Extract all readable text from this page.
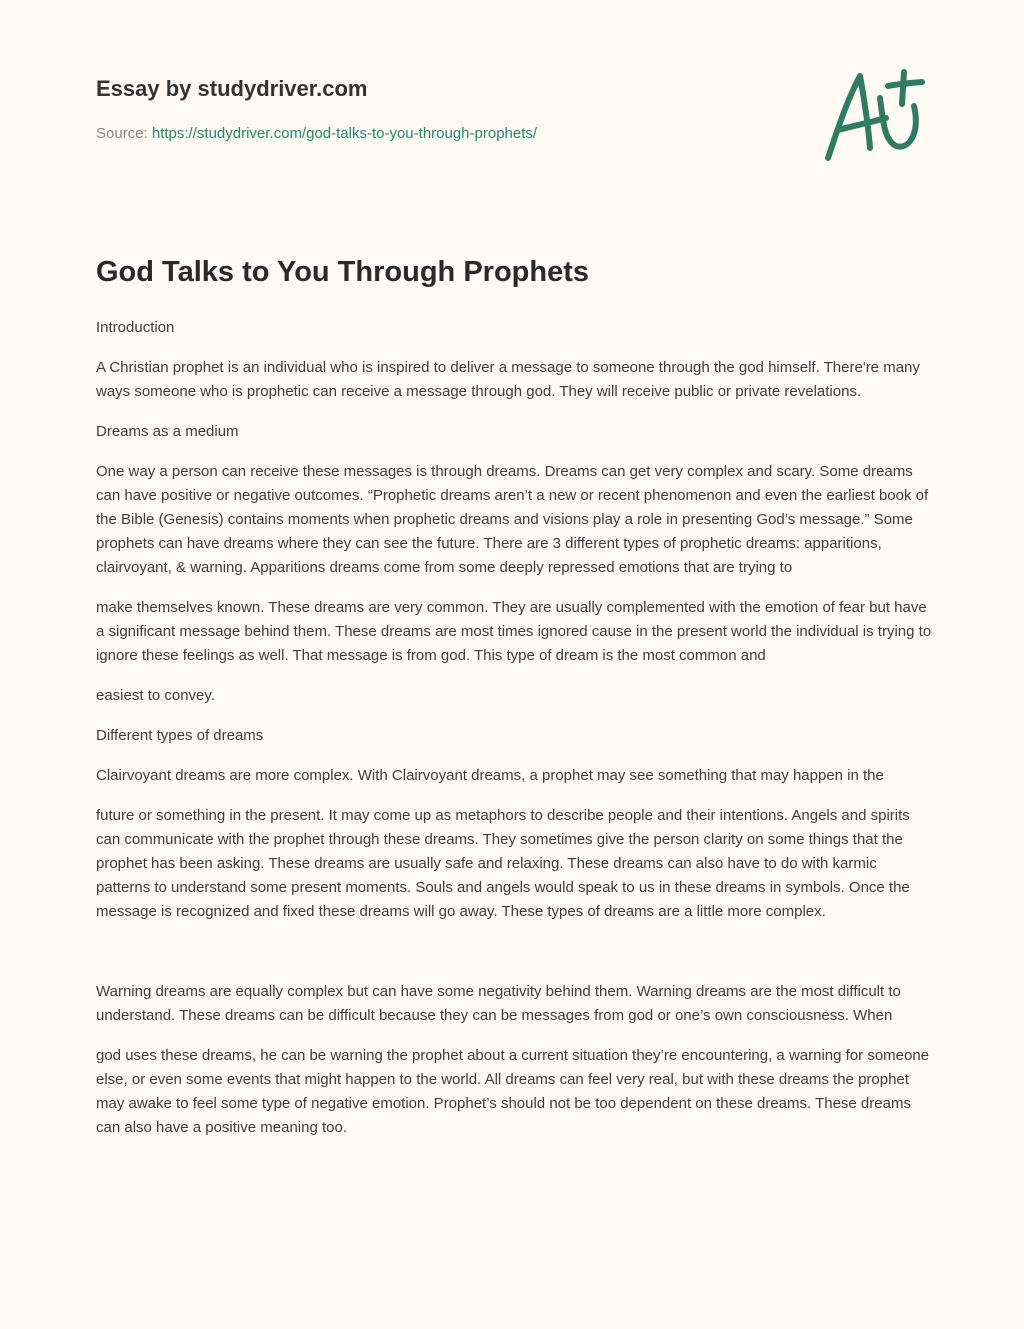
Essay by studydriver.com
Source: https://studydriver.com/god-talks-to-you-through-prophets/
God Talks to You Through Prophets

Introduction

A Christian prophet is an individual who is inspired to deliver a message to someone through the god himself. There're many ways someone who is prophetic can receive a message through god. They will receive public or private revelations.

Dreams as a medium

One way a person can receive these messages is through dreams. Dreams can get very complex and scary. Some dreams can have positive or negative outcomes. “Prophetic dreams aren’t a new or recent phenomenon and even the earliest book of the Bible (Genesis) contains moments when prophetic dreams and visions play a role in presenting God’s message.” Some prophets can have dreams where they can see the future. There are 3 different types of prophetic dreams: apparitions, clairvoyant, & warning. Apparitions dreams come from some deeply repressed emotions that are trying to

make themselves known. These dreams are very common. They are usually complemented with the emotion of fear but have a significant message behind them. These dreams are most times ignored cause in the present world the individual is trying to ignore these feelings as well. That message is from god. This type of dream is the most common and

easiest to convey.

Different types of dreams

Clairvoyant dreams are more complex. With Clairvoyant dreams, a prophet may see something that may happen in the

future or something in the present. It may come up as metaphors to describe people and their intentions. Angels and spirits can communicate with the prophet through these dreams. They sometimes give the person clarity on some things that the prophet has been asking. These dreams are usually safe and relaxing. These dreams can also have to do with karmic patterns to understand some present moments. Souls and angels would speak to us in these dreams in symbols. Once the message is recognized and fixed these dreams will go away. These types of dreams are a little more complex.

Warning dreams are equally complex but can have some negativity behind them. Warning dreams are the most difficult to understand. These dreams can be difficult because they can be messages from god or one’s own consciousness. When

god uses these dreams, he can be warning the prophet about a current situation they’re encountering, a warning for someone else, or even some events that might happen to the world. All dreams can feel very real, but with these dreams the prophet may awake to feel some type of negative emotion. Prophet’s should not be too dependent on these dreams. These dreams can also have a positive meaning too.
